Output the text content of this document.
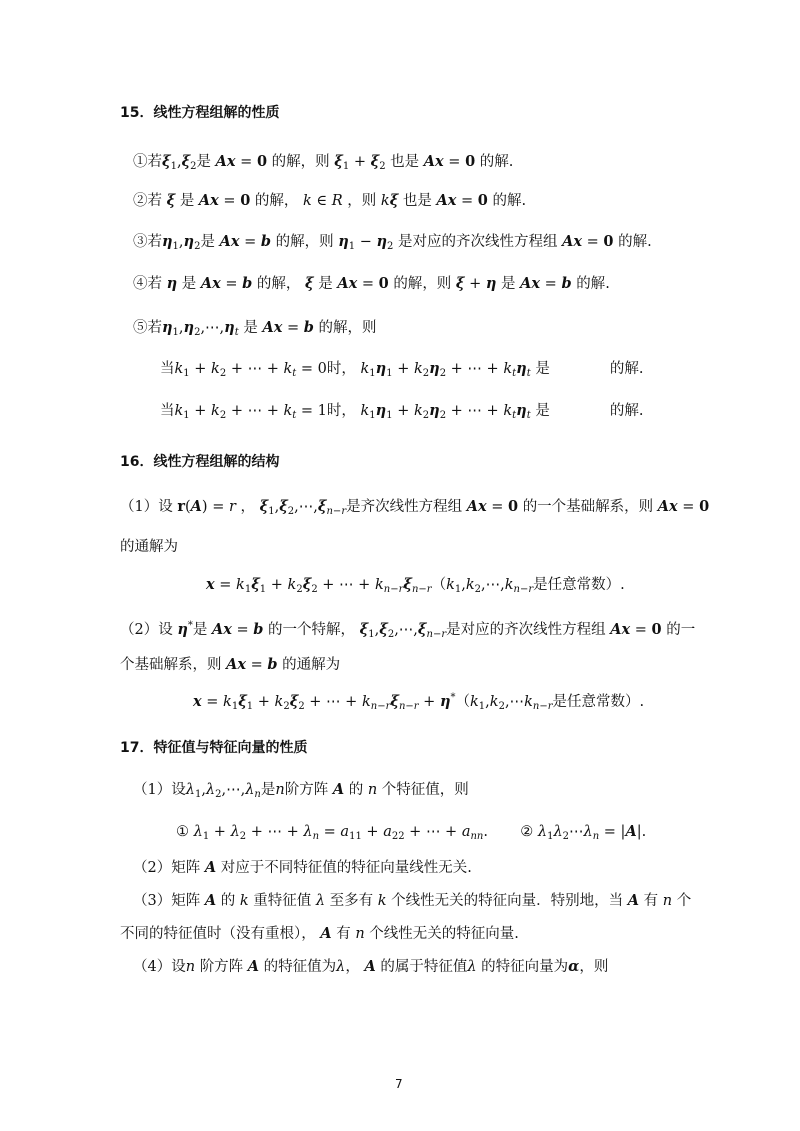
15．线性方程组解的性质
①若$\xi_1,\xi_2$是 Ax = 0 的解，则 $\xi_1 + \xi_2$ 也是 Ax = 0 的解.
②若 ξ 是 Ax = 0 的解， k ∈ R ，则 kξ 也是 Ax = 0 的解.
③若$\eta_1,\eta_2$是 Ax = b 的解，则 $\eta_1 - \eta_2$ 是对应的齐次线性方程组 Ax = 0 的解.
④若 η 是 Ax = b 的解， ξ 是 Ax = 0 的解，则 ξ + η 是 Ax = b 的解.
⑤若$\eta_1,\eta_2,\cdots,\eta_t$ 是 Ax = b 的解，则
当$k_1 + k_2$ + ⋯ + $k_t = 0$时， $k_1\eta_1 + k_2\eta_2$ + ⋯ + $k_t\eta_t$ 是	的解.
当$k_1 + k_2$ + ⋯ + $k_t = 1$时， $k_1\eta_1 + k_2\eta_2$ + ⋯ + $k_t\eta_t$ 是	的解.
16．线性方程组解的结构
（1）设 r(A) = r ， $\xi_1,\xi_2,\cdots,\xi_{n-r}$是齐次线性方程组 Ax = 0 的一个基础解系，则 Ax = 0
的通解为
$x = k_1\xi_1 + k_2\xi_2$ + ⋯ + $k_{n-r}\xi_{n-r}(k_1,k_2,\cdots,k_{n-r}$是任意常数）.
（2）设 η*是 Ax = b 的一个特解， $\xi_1,\xi_2,\cdots,\xi_{n-r}$是对应的齐次线性方程组 Ax = 0 的一
个基础解系，则 Ax = b 的通解为
$x = k_1\xi_1 + k_2\xi_2$ + ⋯ + $k_{n-r}\xi_{n-r}$ + $\eta^*(k_1,k_2,\cdots k_{n-r}$是任意常数）.
17．特征值与特征向量的性质
（1）设$\lambda_1,\lambda_2,\cdots,\lambda_n$是n阶方阵 A 的 n 个特征值，则
① $\lambda_1 + \lambda_2$ + ⋯ + $\lambda_n = a_{11} + a_{22}$ + ⋯ + $a_{nn}$.       ② $\lambda_1\lambda_2\cdots\lambda_n = |A|$.
（2）矩阵 A 对应于不同特征值的特征向量线性无关.
（3）矩阵 A 的 k 重特征值 λ 至多有 k 个线性无关的特征向量．特别地，当 A 有 n 个
不同的特征值时（没有重根）， A 有 n 个线性无关的特征向量.
（4）设n 阶方阵 A 的特征值为λ， A 的属于特征值λ 的特征向量为α，则
7
